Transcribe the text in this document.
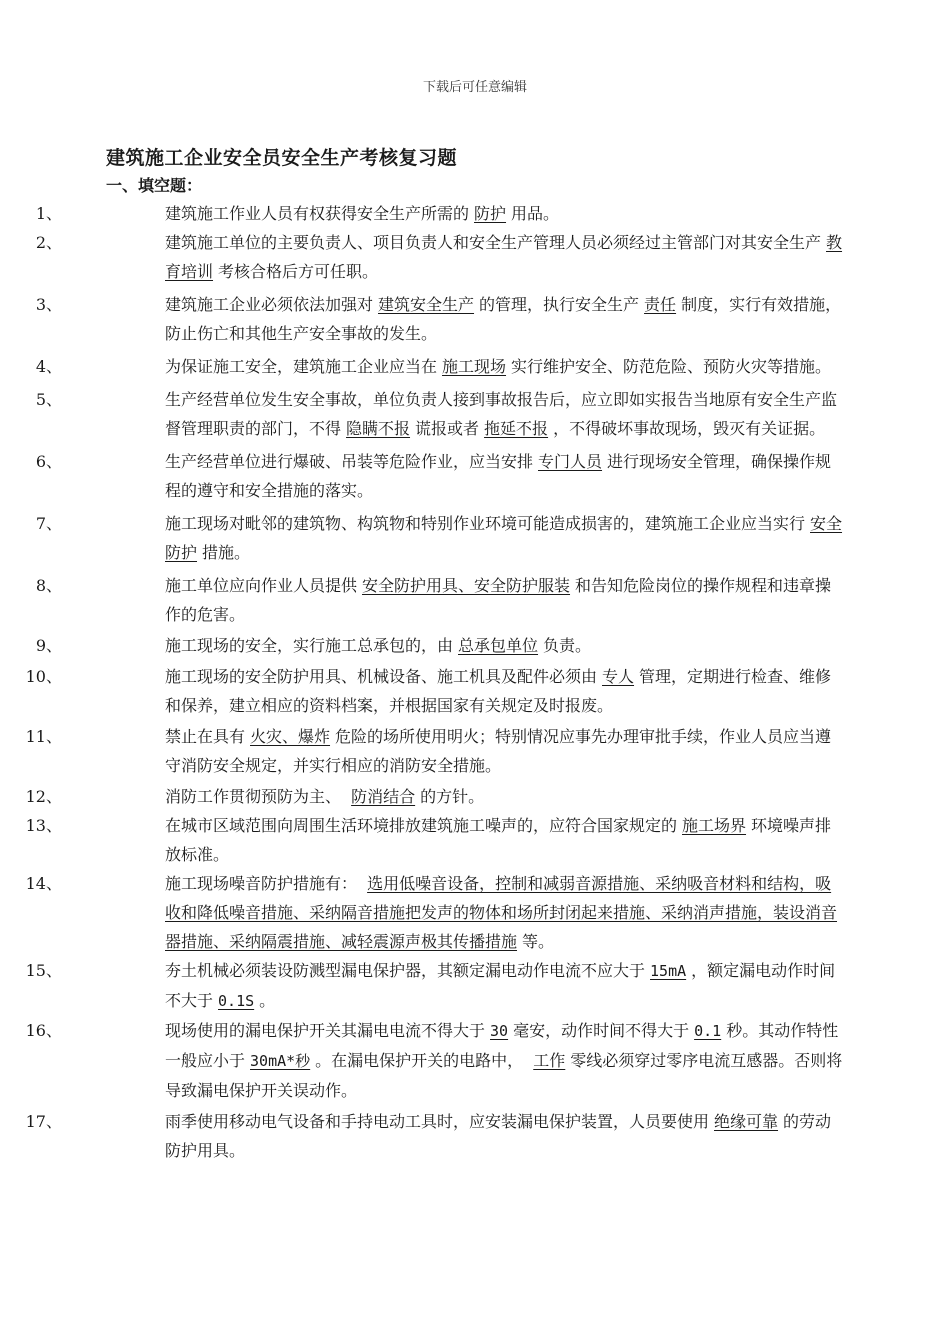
下载后可任意编辑
建筑施工企业安全员安全生产考核复习题
一、填空题：
1、	建筑施工作业人员有权获得安全生产所需的 防护 用品。
2、	建筑施工单位的主要负责人、项目负责人和安全生产管理人员必须经过主管部门对其安全生产 教育培训 考核合格后方可任职。
3、	建筑施工企业必须依法加强对 建筑安全生产 的管理，执行安全生产 责任 制度，实行有效措施，防止伤亡和其他生产安全事故的发生。
4、	为保证施工安全，建筑施工企业应当在 施工现场 实行维护安全、防范危险、预防火灾等措施。
5、	生产经营单位发生安全事故，单位负责人接到事故报告后，应立即如实报告当地原有安全生产监督管理职责的部门，不得 隐瞒不报 谎报或者 拖延不报 ，不得破坏事故现场，毁灭有关证据。
6、	生产经营单位进行爆破、吊装等危险作业，应当安排 专门人员 进行现场安全管理，确保操作规程的遵守和安全措施的落实。
7、	施工现场对毗邻的建筑物、构筑物和特别作业环境可能造成损害的，建筑施工企业应当实行 安全防护 措施。
8、	施工单位应向作业人员提供 安全防护用具、安全防护服装 和告知危险岗位的操作规程和违章操作的危害。
9、	施工现场的安全，实行施工总承包的，由 总承包单位 负责。
10、	施工现场的安全防护用具、机械设备、施工机具及配件必须由 专人 管理，定期进行检查、维修和保养，建立相应的资料档案，并根据国家有关规定及时报废。
11、	禁止在具有 火灾、爆炸 危险的场所使用明火；特别情况应事先办理审批手续，作业人员应当遵守消防安全规定，并实行相应的消防安全措施。
12、	消防工作贯彻预防为主、 防消结合 的方针。
13、	在城市区域范围向周围生活环境排放建筑施工噪声的，应符合国家规定的 施工场界 环境噪声排放标准。
14、	施工现场噪音防护措施有： 选用低噪音设备，控制和减弱音源措施、采纳吸音材料和结构，吸收和降低噪音措施、采纳隔音措施把发声的物体和场所封闭起来措施、采纳消声措施，装设消音器措施、采纳隔震措施、减轻震源声极其传播措施 等。
15、	夯土机械必须装设防溅型漏电保护器，其额定漏电动作电流不应大于 15mA ，额定漏电动作时间不大于 0.1S 。
16、	现场使用的漏电保护开关其漏电电流不得大于 30 毫安，动作时间不得大于 0.1 秒。其动作特性一般应小于 30mA*秒 。在漏电保护开关的电路中， 工作 零线必须穿过零序电流互感器。否则将导致漏电保护开关误动作。
17、	雨季使用移动电气设备和手持电动工具时，应安装漏电保护装置，人员要使用 绝缘可靠 的劳动防护用具。
